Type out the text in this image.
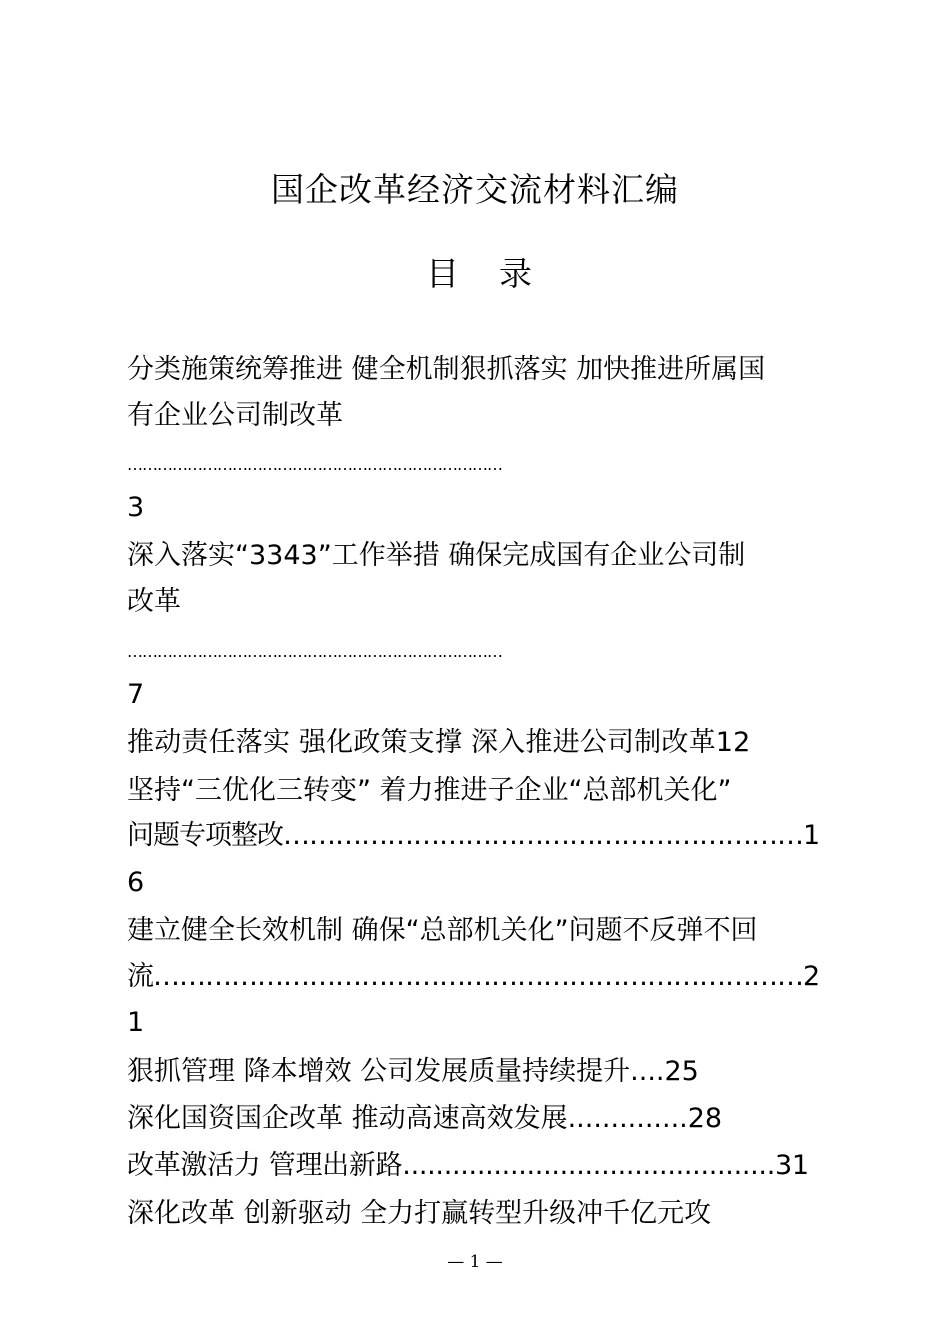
国企改革经济交流材料汇编
目 录
分类施策统筹推进 健全机制狠抓落实 加快推进所属国
有企业公司制改革
…………………………………………………………………
3
深入落实“3343”工作举措 确保完成国有企业公司制
改革
…………………………………………………………………
7
推动责任落实 强化政策支撑 深入推进公司制改革12
坚持“三优化三转变” 着力推进子企业“总部机关化”
问题专项整改……………………………………………………1
6
建立健全长效机制 确保“总部机关化”问题不反弹不回
流…………………………………………………………………2
1
狠抓管理 降本增效 公司发展质量持续提升....25
深化国资国企改革 推动高速高效发展..............28
改革激活力 管理出新路.............................................31
深化改革 创新驱动 全力打赢转型升级冲千亿元攻
— 1 —
